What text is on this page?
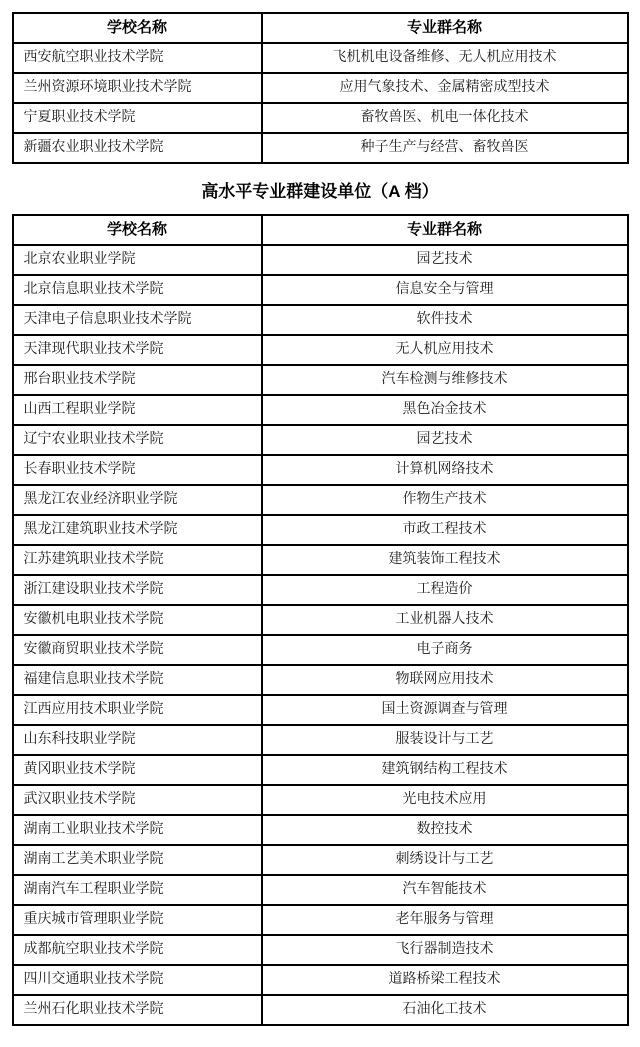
学校名称	专业群名称
西安航空职业技术学院	飞机机电设备维修、无人机应用技术
兰州资源环境职业技术学院	应用气象技术、金属精密成型技术
宁夏职业技术学院	畜牧兽医、机电一体化技术
新疆农业职业技术学院	种子生产与经营、畜牧兽医
高水平专业群建设单位（A 档）
学校名称	专业群名称
北京农业职业学院	园艺技术
北京信息职业技术学院	信息安全与管理
天津电子信息职业技术学院	软件技术
天津现代职业技术学院	无人机应用技术
邢台职业技术学院	汽车检测与维修技术
山西工程职业学院	黑色冶金技术
辽宁农业职业技术学院	园艺技术
长春职业技术学院	计算机网络技术
黑龙江农业经济职业学院	作物生产技术
黑龙江建筑职业技术学院	市政工程技术
江苏建筑职业技术学院	建筑装饰工程技术
浙江建设职业技术学院	工程造价
安徽机电职业技术学院	工业机器人技术
安徽商贸职业技术学院	电子商务
福建信息职业技术学院	物联网应用技术
江西应用技术职业学院	国土资源调查与管理
山东科技职业学院	服装设计与工艺
黄冈职业技术学院	建筑钢结构工程技术
武汉职业技术学院	光电技术应用
湖南工业职业技术学院	数控技术
湖南工艺美术职业学院	刺绣设计与工艺
湖南汽车工程职业学院	汽车智能技术
重庆城市管理职业学院	老年服务与管理
成都航空职业技术学院	飞行器制造技术
四川交通职业技术学院	道路桥梁工程技术
兰州石化职业技术学院	石油化工技术
